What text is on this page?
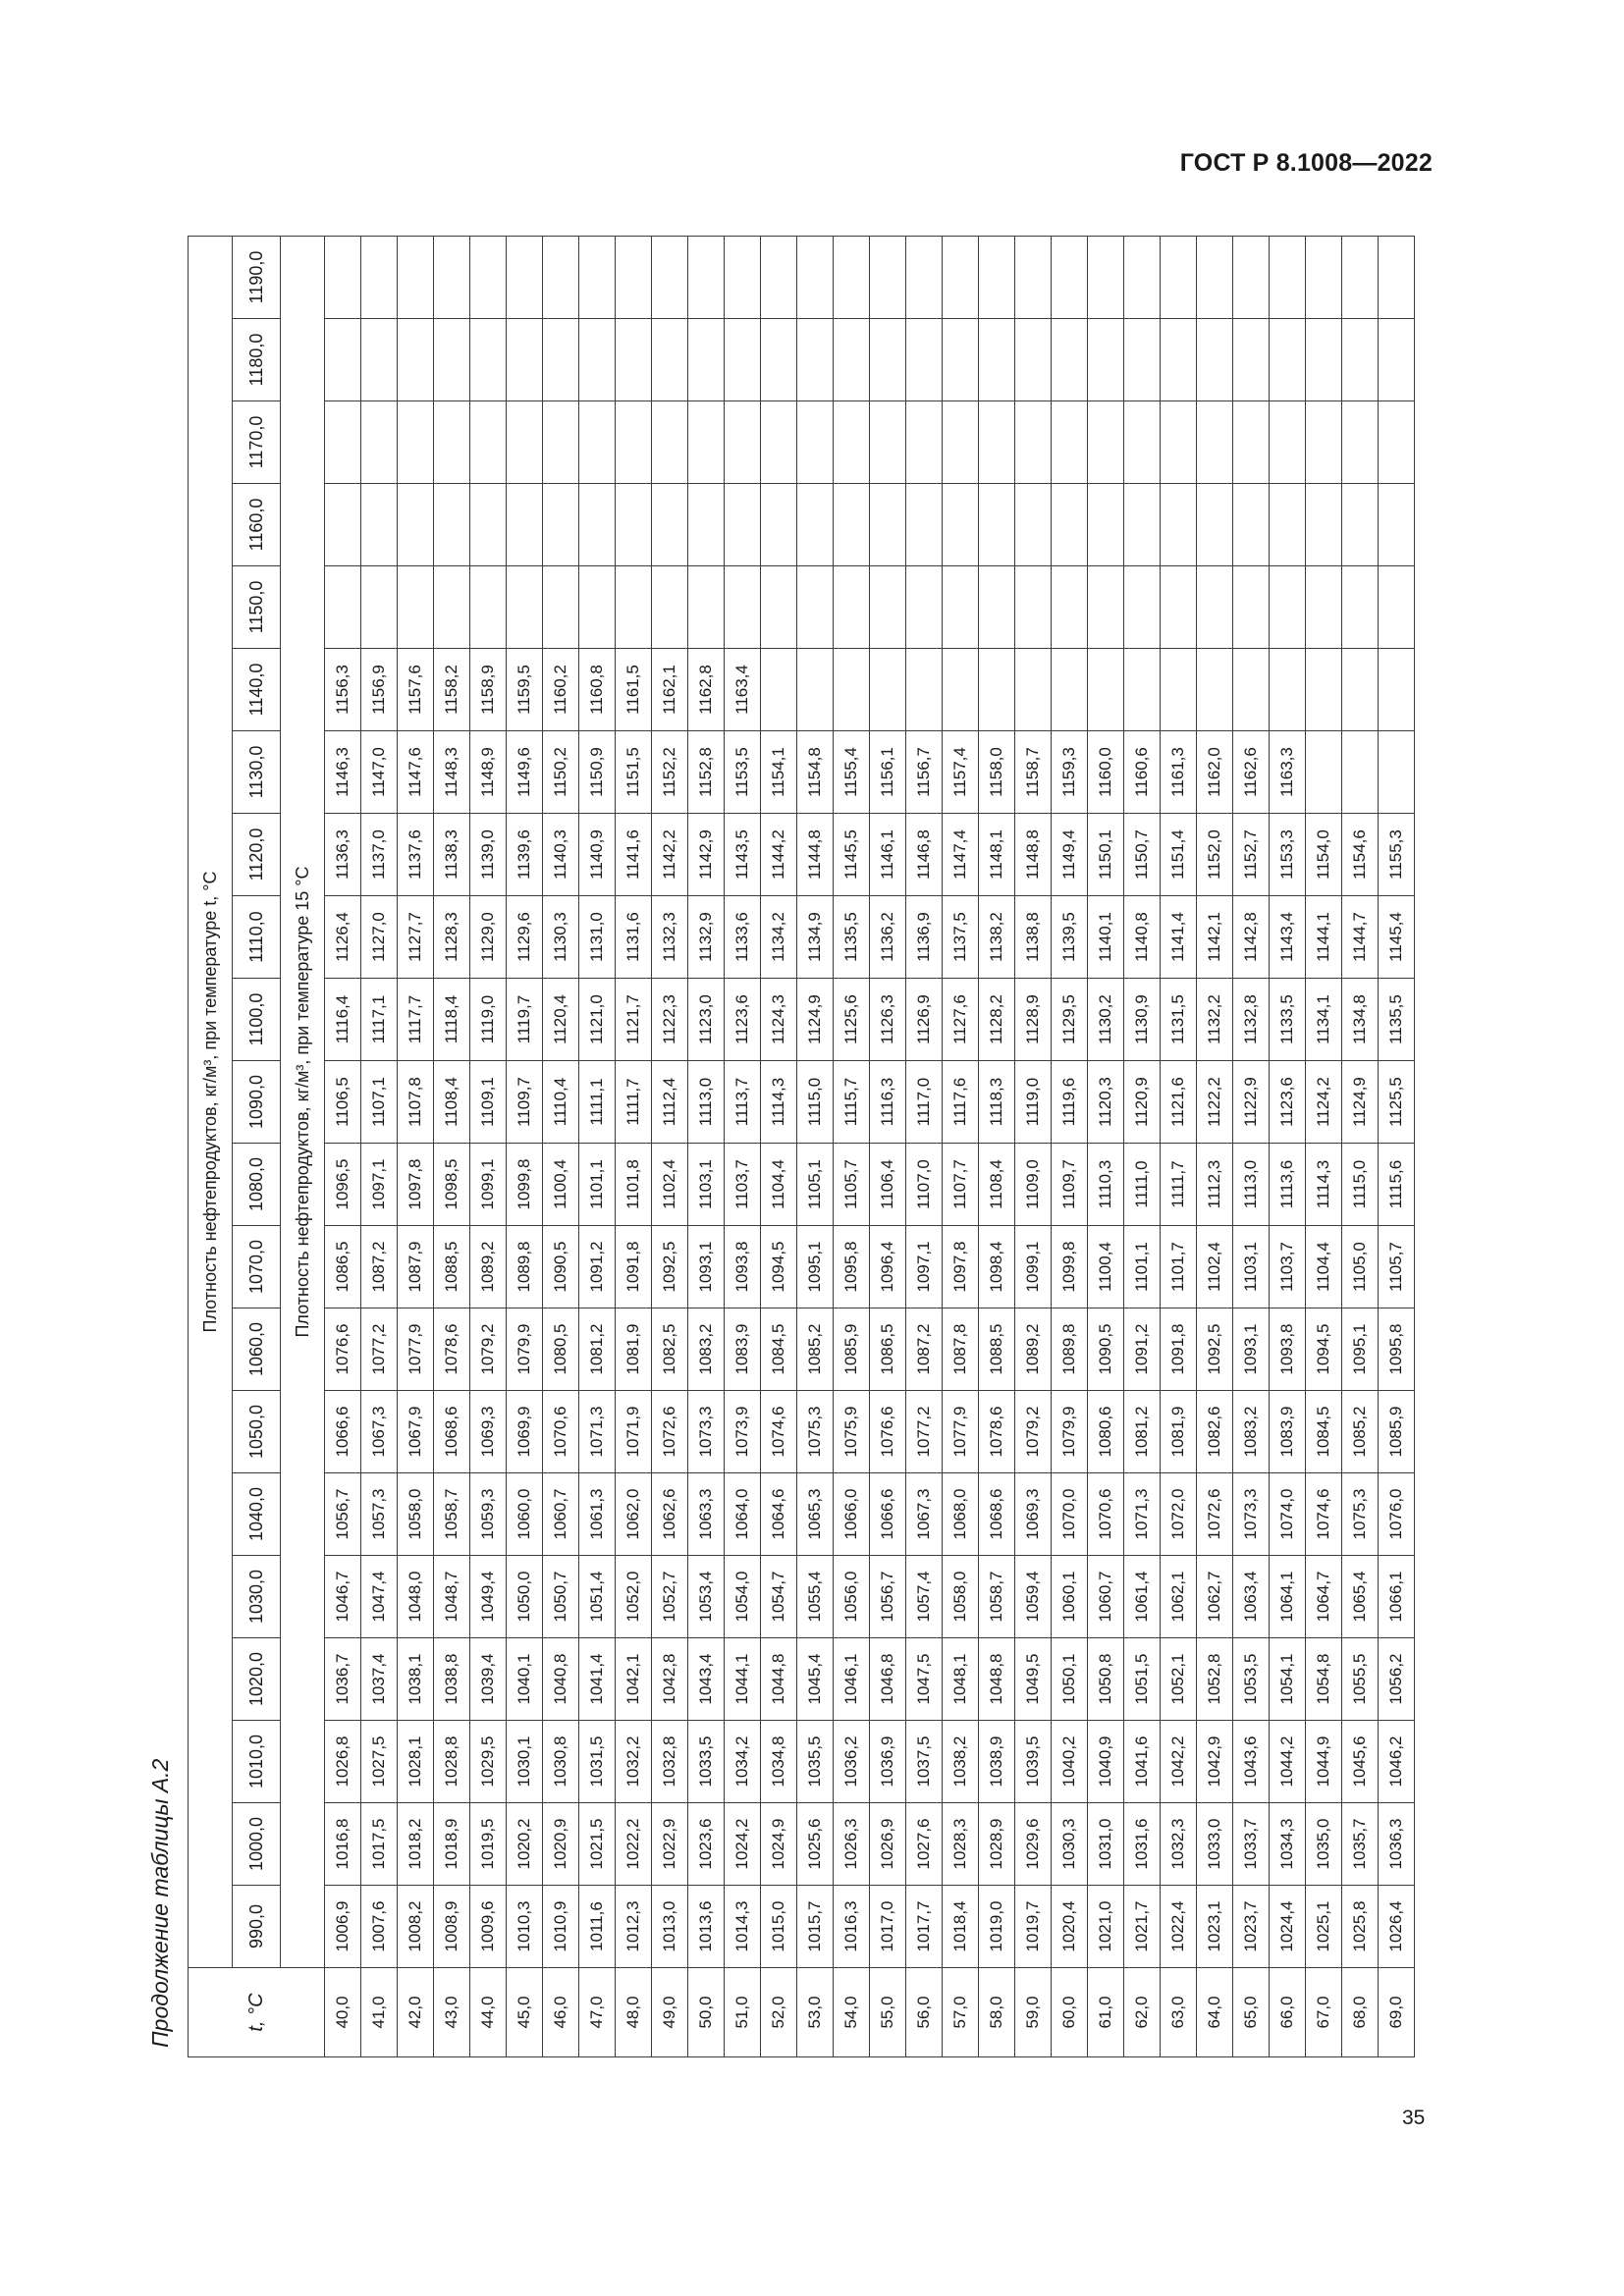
ГОСТ Р 8.1008—2022
Продолжение таблицы А.2	t, °С	Плотность нефтепродуктов, кг/м³, при температуре t, °С																				
	990,0	1000,0	1010,0	1020,0	1030,0	1040,0	1050,0	1060,0	1070,0	1080,0	1090,0	1100,0	1110,0	1120,0	1130,0	1140,0	1150,0	1160,0	1170,0	1180,0	1190,0
	Плотность нефтепродуктов, кг/м³, при температуре 15 °С																				
40,0	1006,9	1016,8	1026,8	1036,7	1046,7	1056,7	1066,6	1076,6	1086,5	1096,5	1106,5	1116,4	1126,4	1136,3	1146,3	1156,3					
41,0	1007,6	1017,5	1027,5	1037,4	1047,4	1057,3	1067,3	1077,2	1087,2	1097,1	1107,1	1117,1	1127,0	1137,0	1147,0	1156,9					
42,0	1008,2	1018,2	1028,1	1038,1	1048,0	1058,0	1067,9	1077,9	1087,9	1097,8	1107,8	1117,7	1127,7	1137,6	1147,6	1157,6					
43,0	1008,9	1018,9	1028,8	1038,8	1048,7	1058,7	1068,6	1078,6	1088,5	1098,5	1108,4	1118,4	1128,3	1138,3	1148,3	1158,2					
44,0	1009,6	1019,5	1029,5	1039,4	1049,4	1059,3	1069,3	1079,2	1089,2	1099,1	1109,1	1119,0	1129,0	1139,0	1148,9	1158,9					
45,0	1010,3	1020,2	1030,1	1040,1	1050,0	1060,0	1069,9	1079,9	1089,8	1099,8	1109,7	1119,7	1129,6	1139,6	1149,6	1159,5					
46,0	1010,9	1020,9	1030,8	1040,8	1050,7	1060,7	1070,6	1080,5	1090,5	1100,4	1110,4	1120,4	1130,3	1140,3	1150,2	1160,2					
47,0	1011,6	1021,5	1031,5	1041,4	1051,4	1061,3	1071,3	1081,2	1091,2	1101,1	1111,1	1121,0	1131,0	1140,9	1150,9	1160,8					
48,0	1012,3	1022,2	1032,2	1042,1	1052,0	1062,0	1071,9	1081,9	1091,8	1101,8	1111,7	1121,7	1131,6	1141,6	1151,5	1161,5					
49,0	1013,0	1022,9	1032,8	1042,8	1052,7	1062,6	1072,6	1082,5	1092,5	1102,4	1112,4	1122,3	1132,3	1142,2	1152,2	1162,1					
50,0	1013,6	1023,6	1033,5	1043,4	1053,4	1063,3	1073,3	1083,2	1093,1	1103,1	1113,0	1123,0	1132,9	1142,9	1152,8	1162,8					
51,0	1014,3	1024,2	1034,2	1044,1	1054,0	1064,0	1073,9	1083,9	1093,8	1103,7	1113,7	1123,6	1133,6	1143,5	1153,5	1163,4					
52,0	1015,0	1024,9	1034,8	1044,8	1054,7	1064,6	1074,6	1084,5	1094,5	1104,4	1114,3	1124,3	1134,2	1144,2	1154,1						
53,0	1015,7	1025,6	1035,5	1045,4	1055,4	1065,3	1075,3	1085,2	1095,1	1105,1	1115,0	1124,9	1134,9	1144,8	1154,8						
54,0	1016,3	1026,3	1036,2	1046,1	1056,0	1066,0	1075,9	1085,9	1095,8	1105,7	1115,7	1125,6	1135,5	1145,5	1155,4						
55,0	1017,0	1026,9	1036,9	1046,8	1056,7	1066,6	1076,6	1086,5	1096,4	1106,4	1116,3	1126,3	1136,2	1146,1	1156,1						
56,0	1017,7	1027,6	1037,5	1047,5	1057,4	1067,3	1077,2	1087,2	1097,1	1107,0	1117,0	1126,9	1136,9	1146,8	1156,7						
57,0	1018,4	1028,3	1038,2	1048,1	1058,0	1068,0	1077,9	1087,8	1097,8	1107,7	1117,6	1127,6	1137,5	1147,4	1157,4						
58,0	1019,0	1028,9	1038,9	1048,8	1058,7	1068,6	1078,6	1088,5	1098,4	1108,4	1118,3	1128,2	1138,2	1148,1	1158,0						
59,0	1019,7	1029,6	1039,5	1049,5	1059,4	1069,3	1079,2	1089,2	1099,1	1109,0	1119,0	1128,9	1138,8	1148,8	1158,7						
60,0	1020,4	1030,3	1040,2	1050,1	1060,1	1070,0	1079,9	1089,8	1099,8	1109,7	1119,6	1129,5	1139,5	1149,4	1159,3						
61,0	1021,0	1031,0	1040,9	1050,8	1060,7	1070,6	1080,6	1090,5	1100,4	1110,3	1120,3	1130,2	1140,1	1150,1	1160,0						
62,0	1021,7	1031,6	1041,6	1051,5	1061,4	1071,3	1081,2	1091,2	1101,1	1111,0	1120,9	1130,9	1140,8	1150,7	1160,6						
63,0	1022,4	1032,3	1042,2	1052,1	1062,1	1072,0	1081,9	1091,8	1101,7	1111,7	1121,6	1131,5	1141,4	1151,4	1161,3						
64,0	1023,1	1033,0	1042,9	1052,8	1062,7	1072,6	1082,6	1092,5	1102,4	1112,3	1122,2	1132,2	1142,1	1152,0	1162,0						
65,0	1023,7	1033,7	1043,6	1053,5	1063,4	1073,3	1083,2	1093,1	1103,1	1113,0	1122,9	1132,8	1142,8	1152,7	1162,6						
66,0	1024,4	1034,3	1044,2	1054,1	1064,1	1074,0	1083,9	1093,8	1103,7	1113,6	1123,6	1133,5	1143,4	1153,3	1163,3						
67,0	1025,1	1035,0	1044,9	1054,8	1064,7	1074,6	1084,5	1094,5	1104,4	1114,3	1124,2	1134,1	1144,1	1154,0							
68,0	1025,8	1035,7	1045,6	1055,5	1065,4	1075,3	1085,2	1095,1	1105,0	1115,0	1124,9	1134,8	1144,7	1154,6							
69,0	1026,4	1036,3	1046,2	1056,2	1066,1	1076,0	1085,9	1095,8	1105,7	1115,6	1125,5	1135,5	1145,4	1155,3							
35
